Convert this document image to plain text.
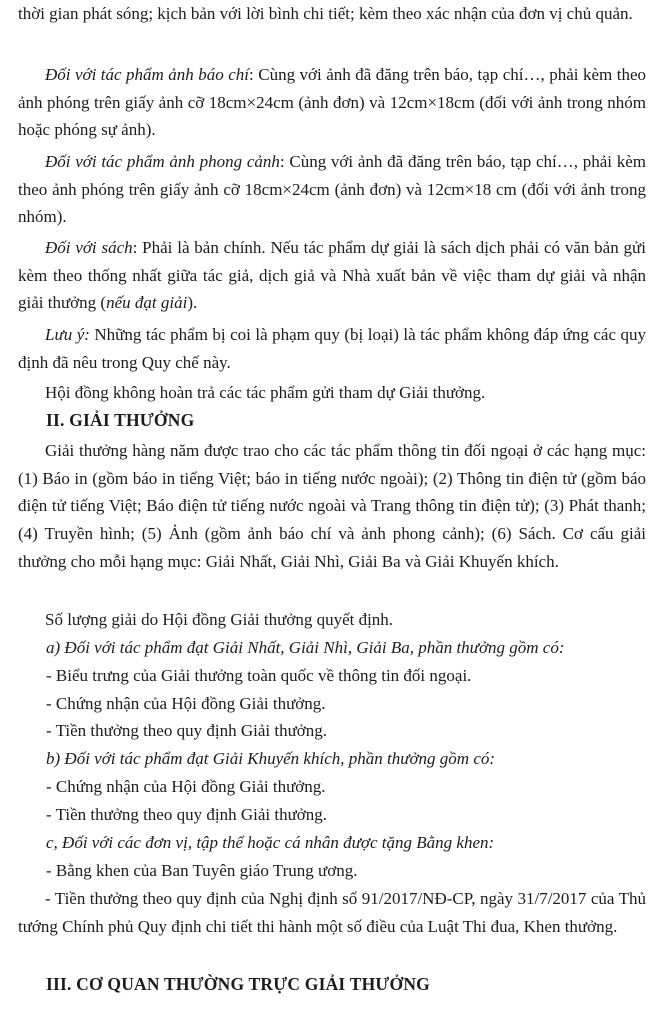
thời gian phát sóng; kịch bản với lời bình chi tiết; kèm theo xác nhận của đơn vị chủ quản.

Đối với tác phẩm ảnh báo chí: Cùng với ảnh đã đăng trên báo, tạp chí…, phải kèm theo ảnh phóng trên giấy ảnh cỡ 18cm×24cm (ảnh đơn) và 12cm×18cm (đối với ảnh trong nhóm hoặc phóng sự ảnh).

Đối với tác phẩm ảnh phong cảnh: Cùng với ảnh đã đăng trên báo, tạp chí…, phải kèm theo ảnh phóng trên giấy ảnh cỡ 18cm×24cm (ảnh đơn) và 12cm×18 cm (đối với ảnh trong nhóm).

Đối với sách: Phải là bản chính. Nếu tác phẩm dự giải là sách dịch phải có văn bản gửi kèm theo thống nhất giữa tác giả, dịch giả và Nhà xuất bản về việc tham dự giải và nhận giải thưởng (nếu đạt giải).

Lưu ý: Những tác phẩm bị coi là phạm quy (bị loại) là tác phẩm không đáp ứng các quy định đã nêu trong Quy chế này.

Hội đồng không hoàn trả các tác phẩm gửi tham dự Giải thưởng.

II. GIẢI THƯỞNG

Giải thưởng hàng năm được trao cho các tác phẩm thông tin đối ngoại ở các hạng mục: (1) Báo in (gồm báo in tiếng Việt; báo in tiếng nước ngoài); (2) Thông tin điện tử (gồm báo điện tử tiếng Việt; Báo điện tử tiếng nước ngoài và Trang thông tin điện tử); (3) Phát thanh; (4) Truyền hình; (5) Ảnh (gồm ảnh báo chí và ảnh phong cảnh); (6) Sách. Cơ cấu giải thưởng cho mỗi hạng mục: Giải Nhất, Giải Nhì, Giải Ba và Giải Khuyến khích.

Số lượng giải do Hội đồng Giải thưởng quyết định.

a) Đối với tác phẩm đạt Giải Nhất, Giải Nhì, Giải Ba, phần thưởng gồm có:

- Biểu trưng của Giải thưởng toàn quốc về thông tin đối ngoại.

- Chứng nhận của Hội đồng Giải thưởng.

- Tiền thưởng theo quy định Giải thưởng.

b) Đối với tác phẩm đạt Giải Khuyến khích, phần thưởng gồm có:

- Chứng nhận của Hội đồng Giải thưởng.

- Tiền thưởng theo quy định Giải thưởng.

c, Đối với các đơn vị, tập thể hoặc cá nhân được tặng Bằng khen:

- Bằng khen của Ban Tuyên giáo Trung ương.

- Tiền thưởng theo quy định của Nghị định số 91/2017/NĐ-CP, ngày 31/7/2017 của Thủ tướng Chính phủ Quy định chi tiết thi hành một số điều của Luật Thi đua, Khen thưởng.

III. CƠ QUAN THƯỜNG TRỰC GIẢI THƯỞNG
